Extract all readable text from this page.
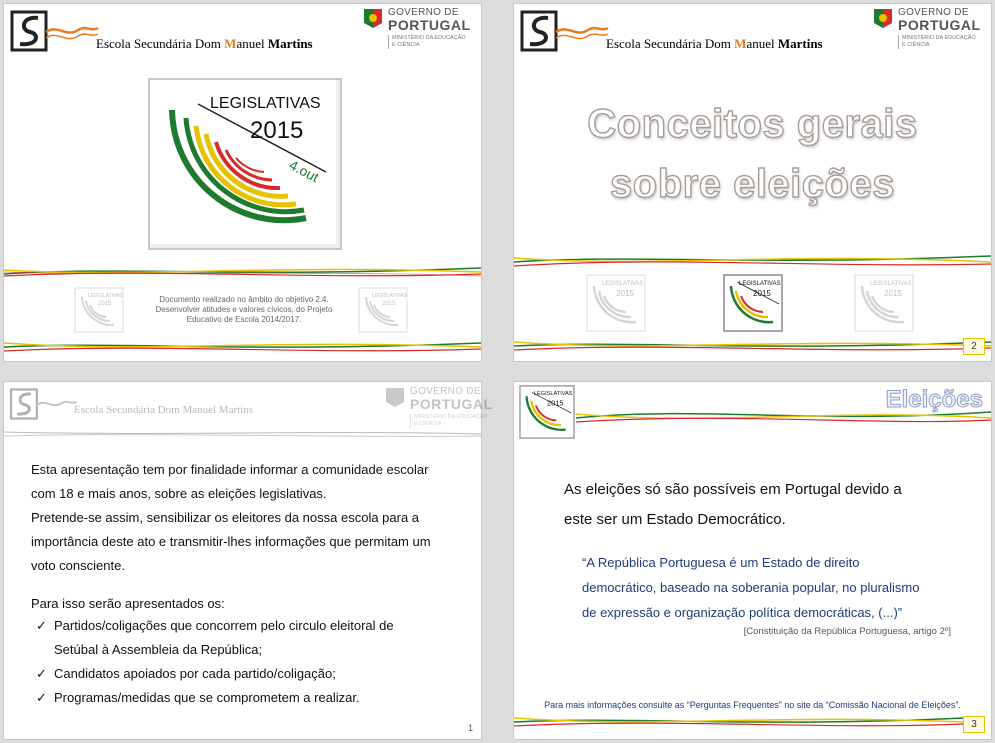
Escola Secundária Dom Manuel Martins
GOVERNO DE
PORTUGAL
MINISTÉRIO DA EDUCAÇÃO
E CIÊNCIA
LEGISLATIVAS
2015
4.out
LEGISLATIVAS
2015	Documento realizado no âmbito do objetivo 2.4.
Desenvolver atitudes e valores cívicos, do Projeto
Educativo de Escola 2014/2017.
LEGISLATIVAS
2015
Escola Secundária Dom Manuel Martins
GOVERNO DE
PORTUGAL
MINISTÉRIO DA EDUCAÇÃO
E CIÊNCIA
Conceitos gerais
sobre eleições
LEGISLATIVAS
2015
LEGISLATIVAS
2015
LEGISLATIVAS
2015
2
Escola Secundária Dom Manuel Martins
GOVERNO DE
PORTUGAL
MINISTÉRIO DA EDUCAÇÃO
E CIÊNCIA
Esta apresentação tem por finalidade informar a comunidade escolar
com 18 e mais anos, sobre as eleições legislativas.
Pretende-se assim, sensibilizar os eleitores da nossa escola para a
importância deste ato e transmitir-lhes informações que permitam um
voto consciente.
Para isso serão apresentados os:
✓ Partidos/coligações que concorrem pelo circulo eleitoral de
Setúbal à Assembleia da República;
✓ Candidatos apoiados por cada partido/coligação;
✓ Programas/medidas que se comprometem a realizar.
1
LEGISLATIVAS
2015	Eleições
As eleições só são possíveis em Portugal devido a
este ser um Estado Democrático.
“A República Portuguesa é um Estado de direito
democrático, baseado na soberania popular, no pluralismo
de expressão e organização política democráticas, (...)”
[Constituição da República Portuguesa, artigo 2º]
Para mais informações consulte as “Perguntas Frequentes” no site da “Comissão Nacional de Eleições”.
3
